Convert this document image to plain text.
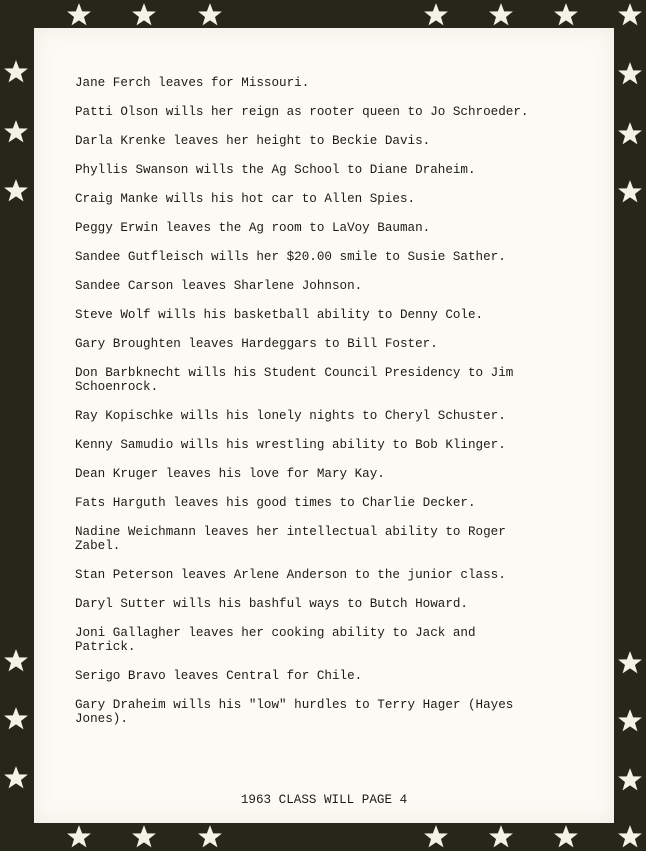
Jane Ferch leaves for Missouri.
Patti Olson wills her reign as rooter queen to Jo Schroeder.
Darla Krenke leaves her height to Beckie Davis.
Phyllis Swanson wills the Ag School to Diane Draheim.
Craig Manke wills his hot car to Allen Spies.
Peggy Erwin leaves the Ag room to LaVoy Bauman.
Sandee Gutfleisch wills her $20.00 smile to Susie Sather.
Sandee Carson leaves Sharlene Johnson.
Steve Wolf wills his basketball ability to Denny Cole.
Gary Broughten leaves Hardeggars to Bill Foster.
Don Barbknecht wills his Student Council Presidency to Jim
Schoenrock.
Ray Kopischke wills his lonely nights to Cheryl Schuster.
Kenny Samudio wills his wrestling ability to Bob Klinger.
Dean Kruger leaves his love for Mary Kay.
Fats Harguth leaves his good times to Charlie Decker.
Nadine Weichmann leaves her intellectual ability to Roger
Zabel.
Stan Peterson leaves Arlene Anderson to the junior class.
Daryl Sutter wills his bashful ways to Butch Howard.
Joni Gallagher leaves her cooking ability to Jack and
Patrick.
Serigo Bravo leaves Central for Chile.
Gary Draheim wills his "low" hurdles to Terry Hager (Hayes
Jones).
1963 CLASS WILL PAGE 4
